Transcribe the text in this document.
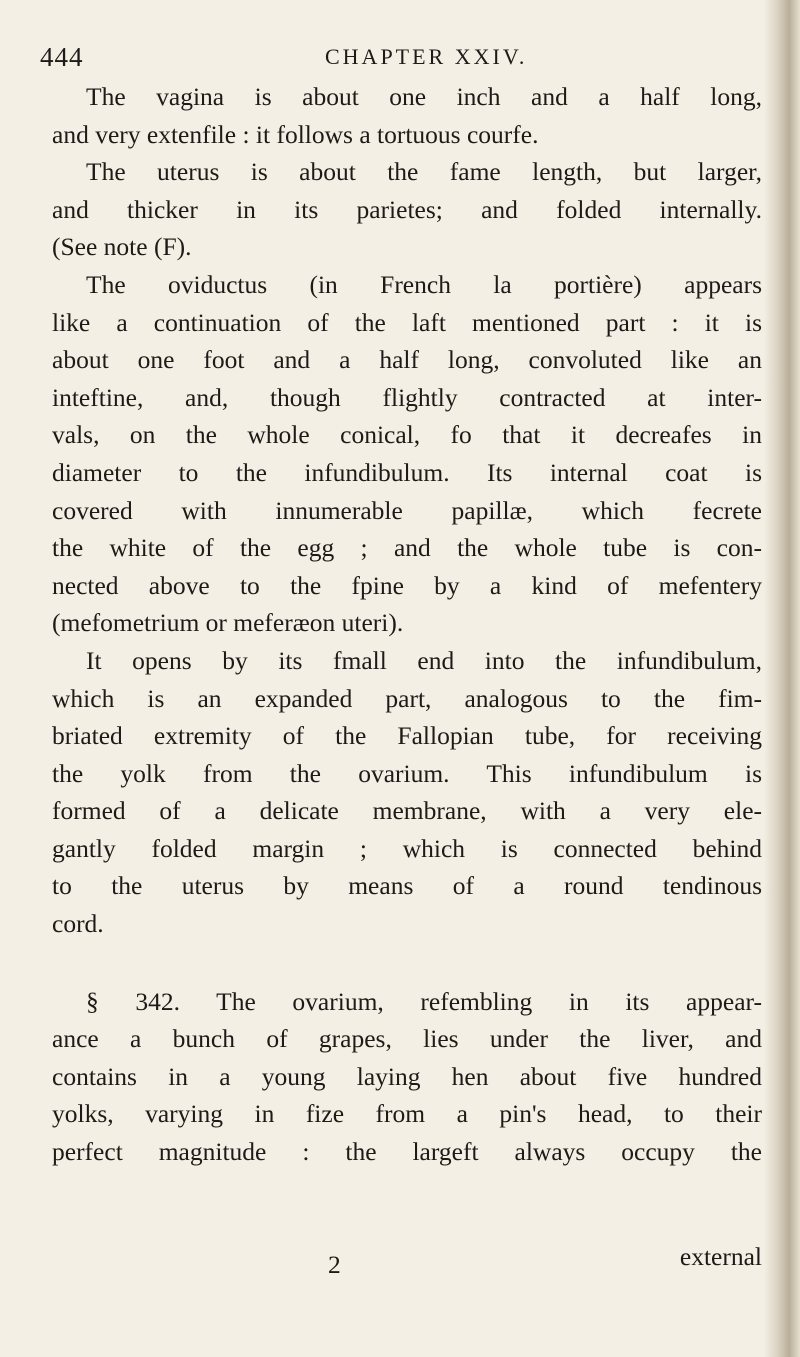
444	CHAPTER XXIV.
The vagina is about one inch and a half long,
and very extenfile : it follows a tortuous courfe.
The uterus is about the fame length, but larger,
and thicker in its parietes; and folded internally.
(See note (F).
The oviductus (in French la portière) appears
like a continuation of the laft mentioned part : it is
about one foot and a half long, convoluted like an
inteftine, and, though flightly contracted at inter-
vals, on the whole conical, fo that it decreafes in
diameter to the infundibulum. Its internal coat is
covered with innumerable papillæ, which fecrete
the white of the egg ; and the whole tube is con-
nected above to the fpine by a kind of mefentery
(mefometrium or meferæon uteri).
It opens by its fmall end into the infundibulum,
which is an expanded part, analogous to the fim-
briated extremity of the Fallopian tube, for receiving
the yolk from the ovarium. This infundibulum is
formed of a delicate membrane, with a very ele-
gantly folded margin ; which is connected behind
to the uterus by means of a round tendinous
cord.
§ 342. The ovarium, refembling in its appear-
ance a bunch of grapes, lies under the liver, and
contains in a young laying hen about five hundred
yolks, varying in fize from a pin's head, to their
perfect magnitude : the largeft always occupy the
2	external
